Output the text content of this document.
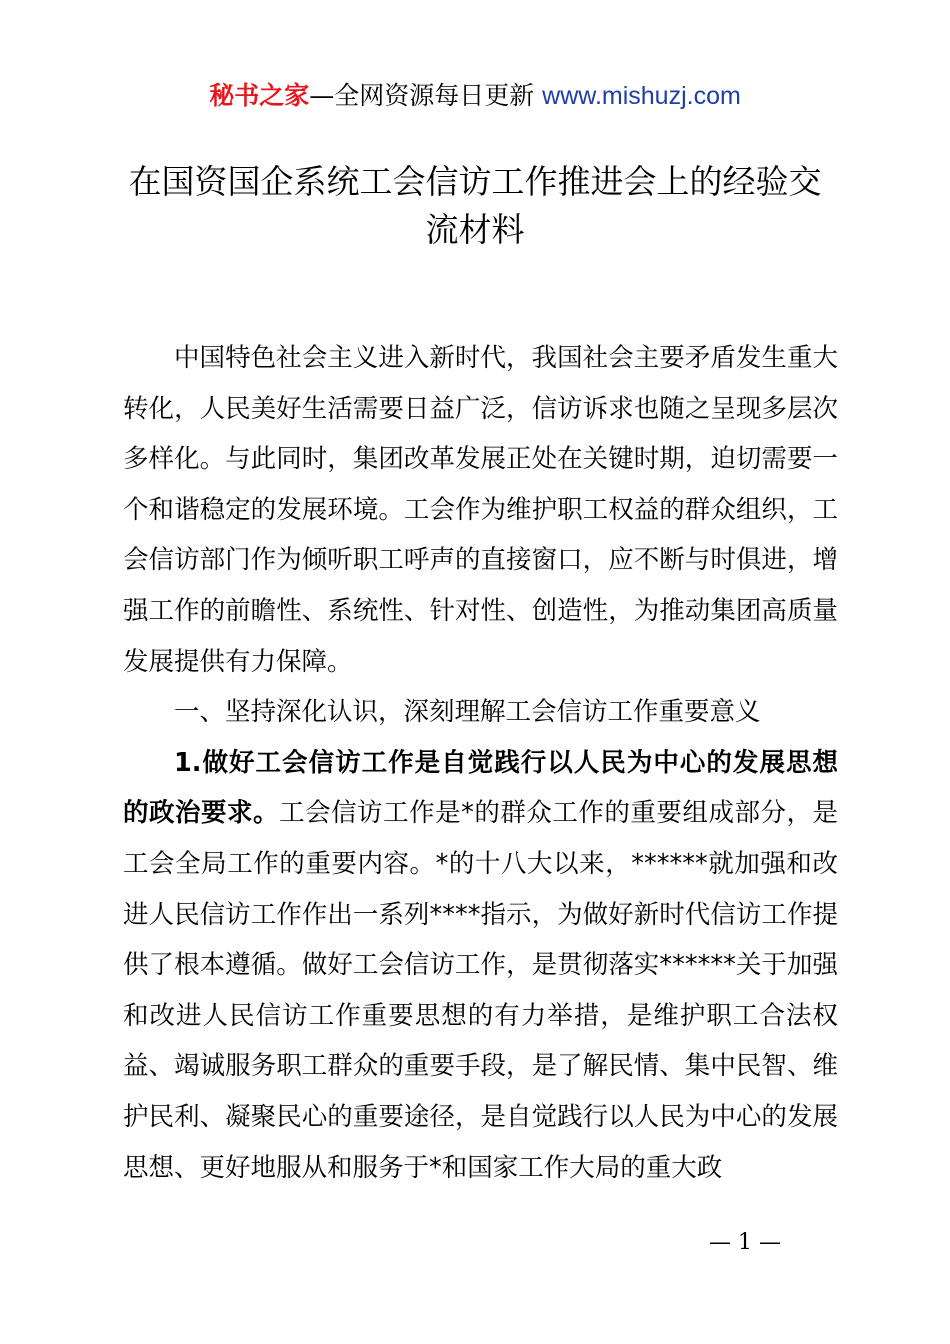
秘书之家—全网资源每日更新 www.mishuzj.com
在国资国企系统工会信访工作推进会上的经验交流材料

中国特色社会主义进入新时代，我国社会主要矛盾发生重大转化，人民美好生活需要日益广泛，信访诉求也随之呈现多层次多样化。与此同时，集团改革发展正处在关键时期，迫切需要一个和谐稳定的发展环境。工会作为维护职工权益的群众组织，工会信访部门作为倾听职工呼声的直接窗口，应不断与时俱进，增强工作的前瞻性、系统性、针对性、创造性，为推动集团高质量发展提供有力保障。

一、坚持深化认识，深刻理解工会信访工作重要意义

1.做好工会信访工作是自觉践行以人民为中心的发展思想的政治要求。工会信访工作是*的群众工作的重要组成部分，是工会全局工作的重要内容。*的十八大以来，******就加强和改进人民信访工作作出一系列****指示，为做好新时代信访工作提供了根本遵循。做好工会信访工作，是贯彻落实******关于加强和改进人民信访工作重要思想的有力举措，是维护职工合法权益、竭诚服务职工群众的重要手段，是了解民情、集中民智、维护民利、凝聚民心的重要途径，是自觉践行以人民为中心的发展思想、更好地服从和服务于*和国家工作大局的重大政

— 1 —
